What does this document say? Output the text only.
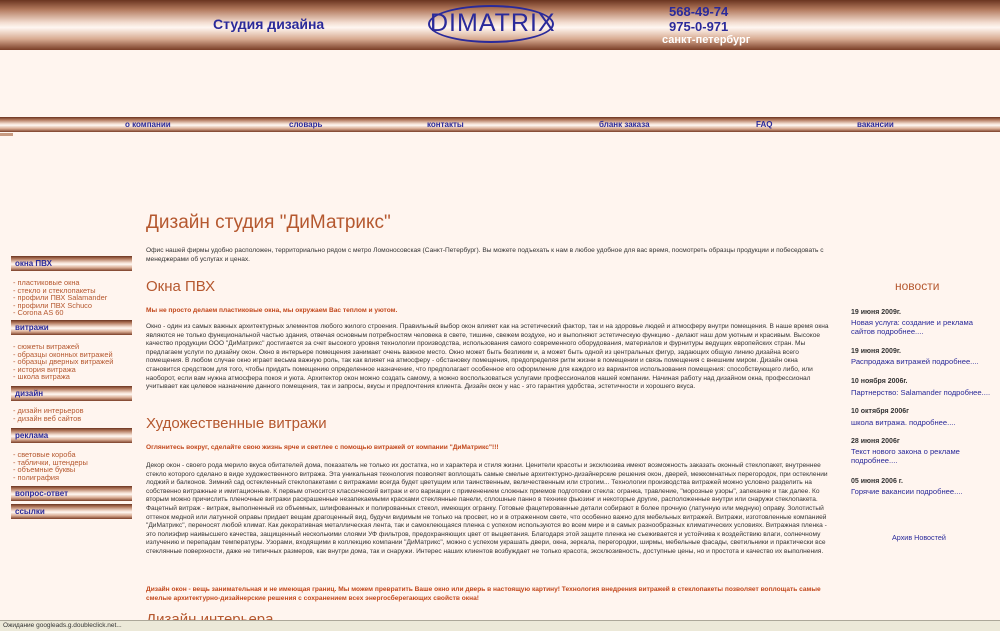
Студия дизайна	DIMATRIX	568-49-74
975-0-971
санкт-петербург
о компании	словарь	контакты	бланк заказа	FAQ	вакансии
окна ПВХ
- пластиковые окна
- стекло и стеклопакеты
- профили ПВХ Salamander
- профили ПВХ Schuco
- Corona AS 60
витражи
- сюжеты витражей
- образцы оконных витражей
- образцы дверных витражей
- история витража
- школа витража
дизайн
- дизайн интерьеров
- дизайн веб сайтов
реклама
- световые короба
- таблички, штендеры
- объемные буквы
- полиграфия
вопрос-ответ
ссылки
Дизайн студия "ДиМатрикс"
Офис нашей фирмы удобно расположен, территориально рядом с метро Ломоносовская (Санкт-Петербург). Вы можете подъехать к нам в любое удобное для вас время, посмотреть образцы продукции и побеседовать с менеджерами об услугах и ценах.
Окна ПВХ
Мы не просто делаем пластиковые окна, мы окружаем Вас теплом и уютом.
Окно - один из самых важных архитектурных элементов любого жилого строения. Правильный выбор окон влияет как на эстетический фактор, так и на здоровье людей и атмосферу внутри помещения. В наше время окна являются не только функциональной частью здания, отвечая основным потребностям человека в свете, тишине, свежем воздухе, но и выполняют эстетическую функцию - делают наш дом уютным и красивым. Высокое качество продукции ООО "ДиМатрикс" достигается за счет высокого уровня технологии производства, использования самого современного оборудования, материалов и фурнитуры ведущих европейских стран. Мы предлагаем услуги по дизайну окон. Окно в интерьере помещения занимает очень важное место. Окно может быть безликим и, а может быть одной из центральных фигур, задающих общую линию дизайна всего помещения. В любом случае окно играет весьма важную роль, так как влияет на атмосферу - обстановку помещения, предопределяя ритм жизни в помещении и связь помещения с внешним миром. Дизайн окна становится средством для того, чтобы придать помещению определенное назначение, что предполагает особенное его оформление для каждого из вариантов использования помещения: способствующего либо, или наоборот, если вам нужна атмосфера покоя и уюта. Архитектор окон можно создать самому, а можно воспользоваться услугами профессионалов нашей компании. Начиная работу над дизайном окна, профессионал учитывает как целевое назначение данного помещения, так и запросы, вкусы и предпочтения клиента. Дизайн окон у нас - это гарантия удобства, эстетичности и хорошего вкуса.
Художественные витражи
Оглянитесь вокруг, сделайте свою жизнь ярче и светлее с помощью витражей от компании "ДиМатрикс"!!!
Декор окон - своего рода мерило вкуса обитателей дома, показатель не только их достатка, но и характера и стиля жизни. Ценители красоты и эксклюзива имеют возможность заказать оконный стеклопакет, внутреннее стекло которого сделано в виде художественного витража. Эта уникальная технология позволяет воплощать самые смелые архитектурно-дизайнерские решения окон, дверей, межкомнатных перегородок, при остеклении лоджий и балконов. Зимний сад остекленный стеклопакетами с витражами всегда будет цветущим или таинственным, величественным или строгим... Технологии производства витражей можно условно разделить на собственно витражные и имитационные. К первым относится классический витраж и его вариации с применением сложных приемов подготовки стекла: огранка, травление, "морозные узоры", запекание и так далее. Ко вторым можно причислить пленочные витражи раскрашенные незапекаемыми красками стеклянные панели, сплошные панно в технике фьюзинг и некоторые другие, расположенные внутри или снаружи стеклопакета. Фацетный витраж - витраж, выполненный из объемных, шлифованных и полированных стекол, имеющих огранку. Готовые фацетированные детали собирают в более прочную (латунную или медную) оправу. Золотистый оттенок медной или латунной оправы придает вещам драгоценный вид, будучи видимым не только на просвет, но и в отраженном свете, что особенно важно для мебельных витражей. Витражи, изготовленные компанией "ДиМатрикс", переносят любой климат. Как декоративная металлическая лента, так и самоклеющаяся пленка с успехом используются во всем мире и в самых разнообразных климатических условиях. Витражная пленка - это полиэфир наивысшего качества, защищенный несколькими слоями УФ фильтров, предохраняющих цвет от выцветания. Благодаря этой защите пленка не съеживается и устойчива к воздействию влаги, солнечному излучению и перепадам температуры. Узорами, входящими в коллекцию компании "ДиМатрикс", можно с успехом украшать двери, окна, зеркала, перегородки, ширмы, мебельные фасады, светильники и практически все стеклянные поверхности, даже не типичных размеров, как внутри дома, так и снаружи. Интерес наших клиентов возбуждает не только красота, эксклюзивность, доступные цены, но и простота и качество их выполнения.
Дизайн окон - вещь занимательная и не имеющая границ. Мы можем превратить Ваше окно или дверь в настоящую картину! Технология внедрения витражей в стеклопакеты позволяет воплощать самые смелые архитектурно-дизайнерские решения с сохранением всех энергосберегающих свойств окна!
новости
19 июня 2009г.
Новая услуга: создание и реклама сайтов подробнее....
19 июня 2009г.
Распродажа витражей подробнее....
10 ноября 2006г.
Партнерство: Salamander подробнее....
10 октября 2006г
школа витража. подробнее....
28 июня 2006г
Текст нового закона о рекламе подробнее....
05 июня 2006 г.
Горячие вакансии подробнее....
Архив Новостей
Ожидание googleads.g.doubleclick.net...
